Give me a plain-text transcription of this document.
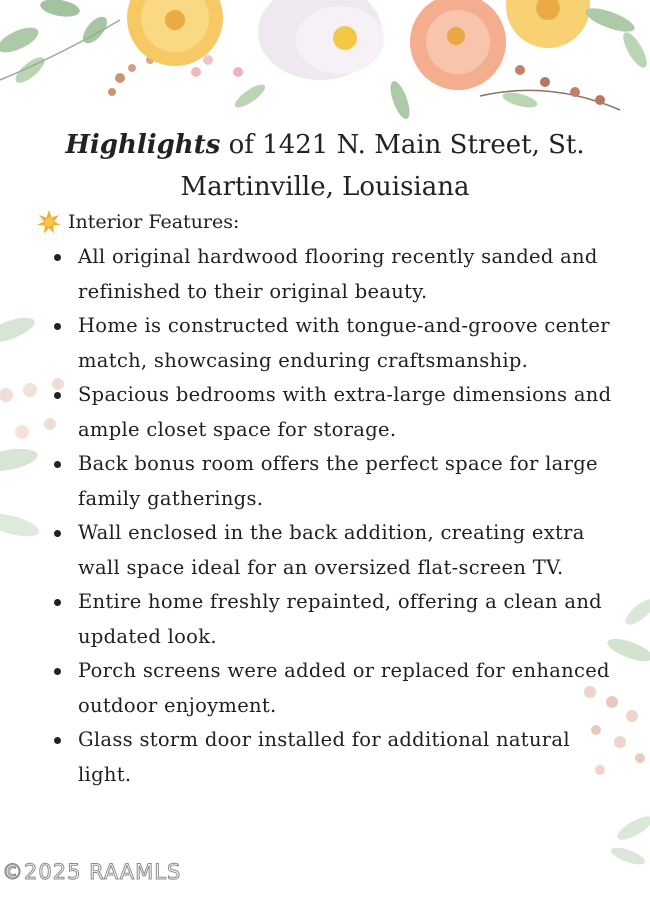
Highlights of 1421 N. Main Street, St.
Martinville, Louisiana
Interior Features:
All original hardwood flooring recently sanded and
refinished to their original beauty.
Home is constructed with tongue-and-groove center
match, showcasing enduring craftsmanship.
Spacious bedrooms with extra-large dimensions and
ample closet space for storage.
Back bonus room offers the perfect space for large
family gatherings.
Wall enclosed in the back addition, creating extra
wall space ideal for an oversized flat-screen TV.
Entire home freshly repainted, offering a clean and
updated look.
Porch screens were added or replaced for enhanced
outdoor enjoyment.
Glass storm door installed for additional natural
light.
©2025 RAAMLS
